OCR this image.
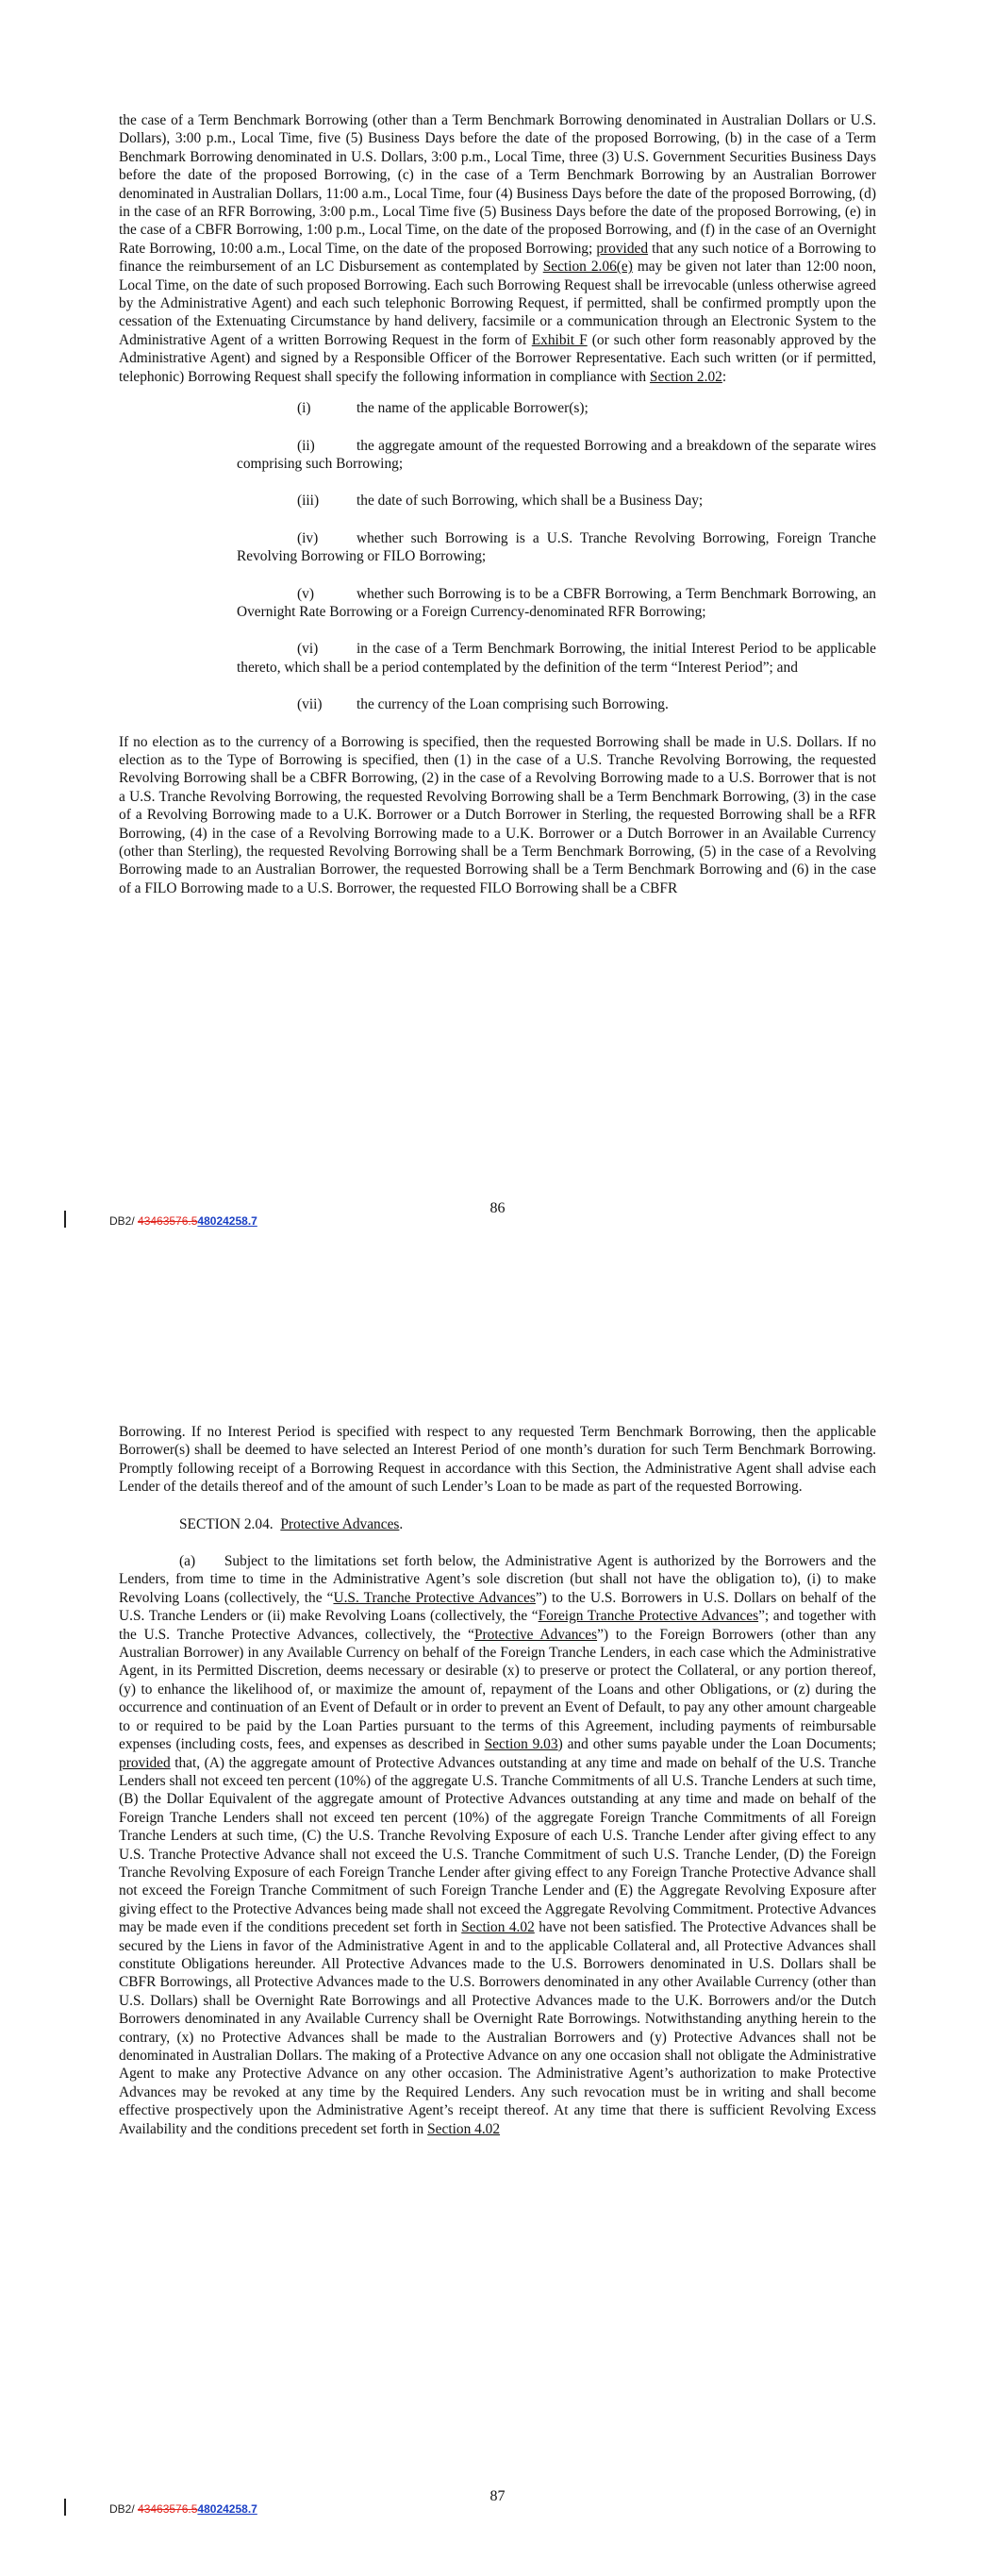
the case of a Term Benchmark Borrowing (other than a Term Benchmark Borrowing denominated in Australian Dollars or U.S. Dollars), 3:00 p.m., Local Time, five (5) Business Days before the date of the proposed Borrowing, (b) in the case of a Term Benchmark Borrowing denominated in U.S. Dollars, 3:00 p.m., Local Time, three (3) U.S. Government Securities Business Days before the date of the proposed Borrowing, (c) in the case of a Term Benchmark Borrowing by an Australian Borrower denominated in Australian Dollars, 11:00 a.m., Local Time, four (4) Business Days before the date of the proposed Borrowing, (d) in the case of an RFR Borrowing, 3:00 p.m., Local Time five (5) Business Days before the date of the proposed Borrowing, (e) in the case of a CBFR Borrowing, 1:00 p.m., Local Time, on the date of the proposed Borrowing, and (f) in the case of an Overnight Rate Borrowing, 10:00 a.m., Local Time, on the date of the proposed Borrowing; provided that any such notice of a Borrowing to finance the reimbursement of an LC Disbursement as contemplated by Section 2.06(e) may be given not later than 12:00 noon, Local Time, on the date of such proposed Borrowing. Each such Borrowing Request shall be irrevocable (unless otherwise agreed by the Administrative Agent) and each such telephonic Borrowing Request, if permitted, shall be confirmed promptly upon the cessation of the Extenuating Circumstance by hand delivery, facsimile or a communication through an Electronic System to the Administrative Agent of a written Borrowing Request in the form of Exhibit F (or such other form reasonably approved by the Administrative Agent) and signed by a Responsible Officer of the Borrower Representative. Each such written (or if permitted, telephonic) Borrowing Request shall specify the following information in compliance with Section 2.02:

(i)	the name of the applicable Borrower(s);

(ii)	the aggregate amount of the requested Borrowing and a breakdown of the separate wires comprising such Borrowing;

(iii)	the date of such Borrowing, which shall be a Business Day;

(iv)	whether such Borrowing is a U.S. Tranche Revolving Borrowing, Foreign Tranche Revolving Borrowing or FILO Borrowing;

(v)	whether such Borrowing is to be a CBFR Borrowing, a Term Benchmark Borrowing, an Overnight Rate Borrowing or a Foreign Currency-denominated RFR Borrowing;

(vi)	in the case of a Term Benchmark Borrowing, the initial Interest Period to be applicable thereto, which shall be a period contemplated by the definition of the term “Interest Period”; and

(vii) the currency of the Loan comprising such Borrowing.

If no election as to the currency of a Borrowing is specified, then the requested Borrowing shall be made in U.S. Dollars. If no election as to the Type of Borrowing is specified, then (1) in the case of a U.S. Tranche Revolving Borrowing, the requested Revolving Borrowing shall be a CBFR Borrowing, (2) in the case of a Revolving Borrowing made to a U.S. Borrower that is not a U.S. Tranche Revolving Borrowing, the requested Revolving Borrowing shall be a Term Benchmark Borrowing, (3) in the case of a Revolving Borrowing made to a U.K. Borrower or a Dutch Borrower in Sterling, the requested Borrowing shall be a RFR Borrowing, (4) in the case of a Revolving Borrowing made to a U.K. Borrower or a Dutch Borrower in an Available Currency (other than Sterling), the requested Revolving Borrowing shall be a Term Benchmark Borrowing, (5) in the case of a Revolving Borrowing made to an Australian Borrower, the requested Borrowing shall be a Term Benchmark Borrowing and (6) in the case of a FILO Borrowing made to a U.S. Borrower, the requested FILO Borrowing shall be a CBFR

DB2/ 43463576.548024258.7
86

Borrowing. If no Interest Period is specified with respect to any requested Term Benchmark Borrowing, then the applicable Borrower(s) shall be deemed to have selected an Interest Period of one month’s duration for such Term Benchmark Borrowing. Promptly following receipt of a Borrowing Request in accordance with this Section, the Administrative Agent shall advise each Lender of the details thereof and of the amount of such Lender’s Loan to be made as part of the requested Borrowing.

SECTION 2.04. Protective Advances.

(a)  Subject to the limitations set forth below, the Administrative Agent is authorized by the Borrowers and the Lenders, from time to time in the Administrative Agent’s sole discretion (but shall not have the obligation to), (i) to make Revolving Loans (collectively, the “U.S. Tranche Protective Advances”) to the U.S. Borrowers in U.S. Dollars on behalf of the U.S. Tranche Lenders or (ii) make Revolving Loans (collectively, the “Foreign Tranche Protective Advances”; and together with the U.S. Tranche Protective Advances, collectively, the “Protective Advances”) to the Foreign Borrowers (other than any Australian Borrower) in any Available Currency on behalf of the Foreign Tranche Lenders, in each case which the Administrative Agent, in its Permitted Discretion, deems necessary or desirable (x) to preserve or protect the Collateral, or any portion thereof, (y) to enhance the likelihood of, or maximize the amount of, repayment of the Loans and other Obligations, or (z) during the occurrence and continuation of an Event of Default or in order to prevent an Event of Default, to pay any other amount chargeable to or required to be paid by the Loan Parties pursuant to the terms of this Agreement, including payments of reimbursable expenses (including costs, fees, and expenses as described in Section 9.03) and other sums payable under the Loan Documents; provided that, (A) the aggregate amount of Protective Advances outstanding at any time and made on behalf of the U.S. Tranche Lenders shall not exceed ten percent (10%) of the aggregate U.S. Tranche Commitments of all U.S. Tranche Lenders at such time, (B) the Dollar Equivalent of the aggregate amount of Protective Advances outstanding at any time and made on behalf of the Foreign Tranche Lenders shall not exceed ten percent (10%) of the aggregate Foreign Tranche Commitments of all Foreign Tranche Lenders at such time, (C) the U.S. Tranche Revolving Exposure of each U.S. Tranche Lender after giving effect to any U.S. Tranche Protective Advance shall not exceed the U.S. Tranche Commitment of such U.S. Tranche Lender, (D) the Foreign Tranche Revolving Exposure of each Foreign Tranche Lender after giving effect to any Foreign Tranche Protective Advance shall not exceed the Foreign Tranche Commitment of such Foreign Tranche Lender and (E) the Aggregate Revolving Exposure after giving effect to the Protective Advances being made shall not exceed the Aggregate Revolving Commitment. Protective Advances may be made even if the conditions precedent set forth in Section 4.02 have not been satisfied. The Protective Advances shall be secured by the Liens in favor of the Administrative Agent in and to the applicable Collateral and, all Protective Advances shall constitute Obligations hereunder. All Protective Advances made to the U.S. Borrowers denominated in U.S. Dollars shall be CBFR Borrowings, all Protective Advances made to the U.S. Borrowers denominated in any other Available Currency (other than U.S. Dollars) shall be Overnight Rate Borrowings and all Protective Advances made to the U.K. Borrowers and/or the Dutch Borrowers denominated in any Available Currency shall be Overnight Rate Borrowings. Notwithstanding anything herein to the contrary, (x) no Protective Advances shall be made to the Australian Borrowers and (y) Protective Advances shall not be denominated in Australian Dollars. The making of a Protective Advance on any one occasion shall not obligate the Administrative Agent to make any Protective Advance on any other occasion. The Administrative Agent’s authorization to make Protective Advances may be revoked at any time by the Required Lenders. Any such revocation must be in writing and shall become effective prospectively upon the Administrative Agent’s receipt thereof. At any time that there is sufficient Revolving Excess Availability and the conditions precedent set forth in Section 4.02

DB2/ 43463576.548024258.7
87
